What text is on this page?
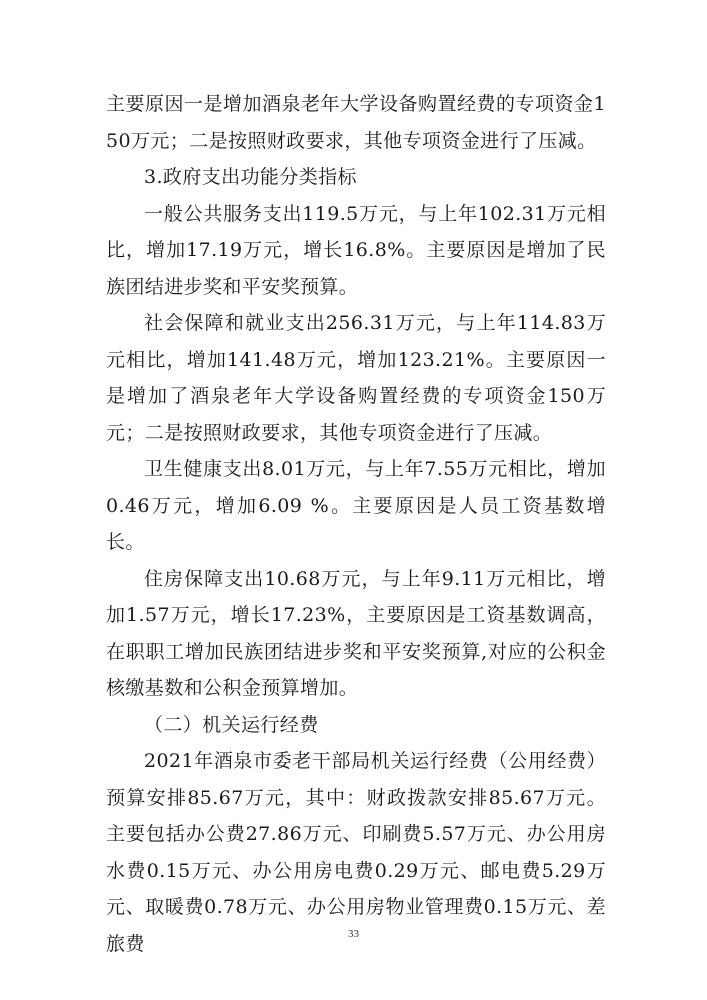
主要原因一是增加酒泉老年大学设备购置经费的专项资金150万元；二是按照财政要求，其他专项资金进行了压减。

3.政府支出功能分类指标

一般公共服务支出119.5万元，与上年102.31万元相比，增加17.19万元，增长16.8%。主要原因是增加了民族团结进步奖和平安奖预算。

社会保障和就业支出256.31万元，与上年114.83万元相比，增加141.48万元，增加123.21%。主要原因一是增加了酒泉老年大学设备购置经费的专项资金150万元；二是按照财政要求，其他专项资金进行了压减。

卫生健康支出8.01万元，与上年7.55万元相比，增加0.46万元，增加6.09 %。主要原因是人员工资基数增长。

住房保障支出10.68万元，与上年9.11万元相比，增加1.57万元，增长17.23%，主要原因是工资基数调高，在职职工增加民族团结进步奖和平安奖预算,对应的公积金核缴基数和公积金预算增加。

（二）机关运行经费

2021年酒泉市委老干部局机关运行经费（公用经费）预算安排85.67万元，其中：财政拨款安排85.67万元。主要包括办公费27.86万元、印刷费5.57万元、办公用房水费0.15万元、办公用房电费0.29万元、邮电费5.29万元、取暖费0.78万元、办公用房物业管理费0.15万元、差旅费	33
